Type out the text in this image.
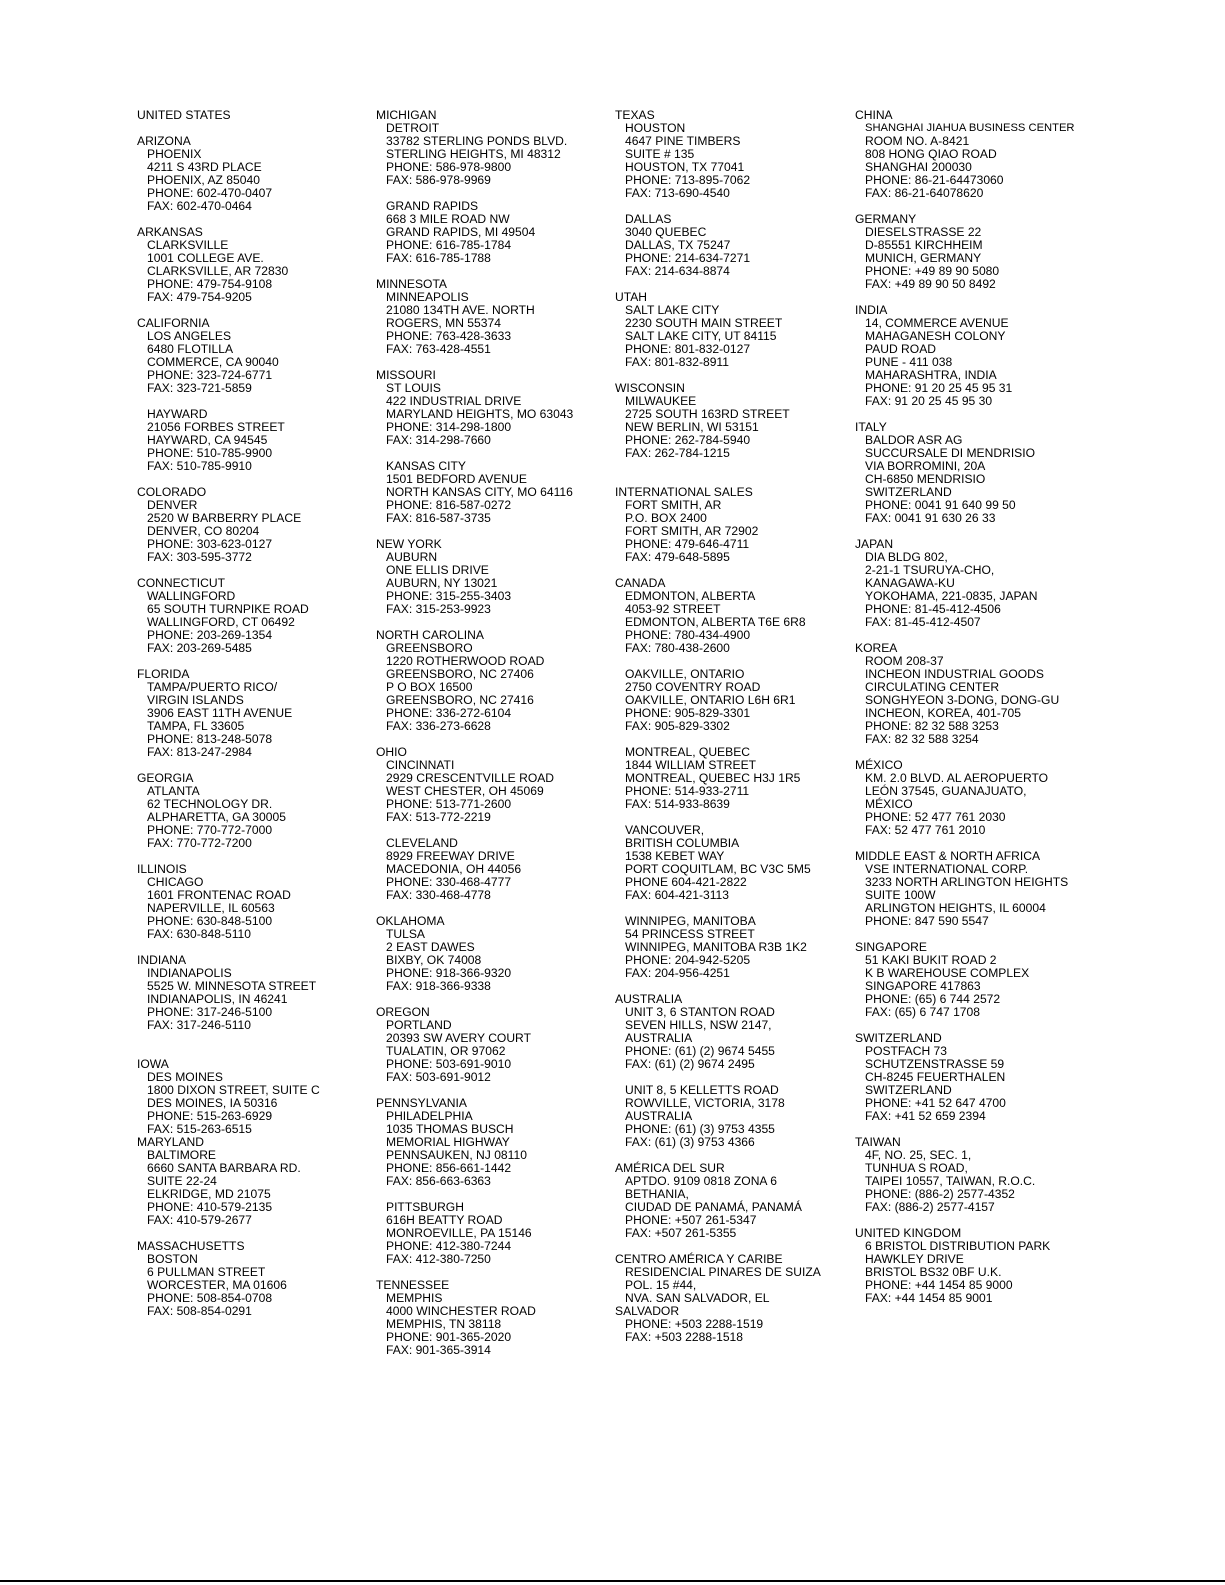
UNITED STATES
ARIZONA
PHOENIX
4211 S 43RD PLACE
PHOENIX, AZ 85040
PHONE: 602-470-0407
FAX: 602-470-0464
ARKANSAS
CLARKSVILLE
1001 COLLEGE AVE.
CLARKSVILLE, AR 72830
PHONE: 479-754-9108
FAX: 479-754-9205
CALIFORNIA
LOS ANGELES
6480 FLOTILLA
COMMERCE, CA 90040
PHONE: 323-724-6771
FAX: 323-721-5859
HAYWARD
21056 FORBES STREET
HAYWARD, CA 94545
PHONE: 510-785-9900
FAX: 510-785-9910
COLORADO
DENVER
2520 W BARBERRY PLACE
DENVER, CO 80204
PHONE: 303-623-0127
FAX: 303-595-3772
CONNECTICUT
WALLINGFORD
65 SOUTH TURNPIKE ROAD
WALLINGFORD, CT 06492
PHONE: 203-269-1354
FAX: 203-269-5485
FLORIDA
TAMPA/PUERTO RICO/
VIRGIN ISLANDS
3906 EAST 11TH AVENUE
TAMPA, FL 33605
PHONE: 813-248-5078
FAX: 813-247-2984
GEORGIA
ATLANTA
62 TECHNOLOGY DR.
ALPHARETTA, GA 30005
PHONE: 770-772-7000
FAX: 770-772-7200
ILLINOIS
CHICAGO
1601 FRONTENAC ROAD
NAPERVILLE, IL 60563
PHONE: 630-848-5100
FAX: 630-848-5110
INDIANA
INDIANAPOLIS
5525 W. MINNESOTA STREET
INDIANAPOLIS, IN 46241
PHONE: 317-246-5100
FAX: 317-246-5110
IOWA
DES MOINES
1800 DIXON STREET, SUITE C
DES MOINES, IA 50316
PHONE: 515-263-6929
FAX: 515-263-6515
MARYLAND
BALTIMORE
6660 SANTA BARBARA RD.
SUITE 22-24
ELKRIDGE, MD 21075
PHONE: 410-579-2135
FAX: 410-579-2677
MASSACHUSETTS
BOSTON
6 PULLMAN STREET
WORCESTER, MA 01606
PHONE: 508-854-0708
FAX: 508-854-0291
MICHIGAN
DETROIT
33782 STERLING PONDS BLVD.
STERLING HEIGHTS, MI 48312
PHONE: 586-978-9800
FAX: 586-978-9969
GRAND RAPIDS
668 3 MILE ROAD NW
GRAND RAPIDS, MI 49504
PHONE: 616-785-1784
FAX: 616-785-1788
MINNESOTA
MINNEAPOLIS
21080 134TH AVE. NORTH
ROGERS, MN 55374
PHONE: 763-428-3633
FAX: 763-428-4551
MISSOURI
ST LOUIS
422 INDUSTRIAL DRIVE
MARYLAND HEIGHTS, MO 63043
PHONE: 314-298-1800
FAX: 314-298-7660
KANSAS CITY
1501 BEDFORD AVENUE
NORTH KANSAS CITY, MO 64116
PHONE: 816-587-0272
FAX: 816-587-3735
NEW YORK
AUBURN
ONE ELLIS DRIVE
AUBURN, NY 13021
PHONE: 315-255-3403
FAX: 315-253-9923
NORTH CAROLINA
GREENSBORO
1220 ROTHERWOOD ROAD
GREENSBORO, NC 27406
P O BOX 16500
GREENSBORO, NC 27416
PHONE: 336-272-6104
FAX: 336-273-6628
OHIO
CINCINNATI
2929 CRESCENTVILLE ROAD
WEST CHESTER, OH 45069
PHONE: 513-771-2600
FAX: 513-772-2219
CLEVELAND
8929 FREEWAY DRIVE
MACEDONIA, OH 44056
PHONE: 330-468-4777
FAX: 330-468-4778
OKLAHOMA
TULSA
2 EAST DAWES
BIXBY, OK 74008
PHONE: 918-366-9320
FAX: 918-366-9338
OREGON
PORTLAND
20393 SW AVERY COURT
TUALATIN, OR 97062
PHONE: 503-691-9010
FAX: 503-691-9012
PENNSYLVANIA
PHILADELPHIA
1035 THOMAS BUSCH
MEMORIAL HIGHWAY
PENNSAUKEN, NJ 08110
PHONE: 856-661-1442
FAX: 856-663-6363
PITTSBURGH
616H BEATTY ROAD
MONROEVILLE, PA 15146
PHONE: 412-380-7244
FAX: 412-380-7250
TENNESSEE
MEMPHIS
4000 WINCHESTER ROAD
MEMPHIS, TN 38118
PHONE: 901-365-2020
FAX: 901-365-3914
TEXAS
HOUSTON
4647 PINE TIMBERS
SUITE # 135
HOUSTON, TX 77041
PHONE: 713-895-7062
FAX: 713-690-4540
DALLAS
3040 QUEBEC
DALLAS, TX 75247
PHONE: 214-634-7271
FAX: 214-634-8874
UTAH
SALT LAKE CITY
2230 SOUTH MAIN STREET
SALT LAKE CITY, UT 84115
PHONE: 801-832-0127
FAX: 801-832-8911
WISCONSIN
MILWAUKEE
2725 SOUTH 163RD STREET
NEW BERLIN, WI 53151
PHONE: 262-784-5940
FAX: 262-784-1215
INTERNATIONAL SALES
FORT SMITH, AR
P.O. BOX 2400
FORT SMITH, AR 72902
PHONE: 479-646-4711
FAX: 479-648-5895
CANADA
EDMONTON, ALBERTA
4053-92 STREET
EDMONTON, ALBERTA T6E 6R8
PHONE: 780-434-4900
FAX: 780-438-2600
OAKVILLE, ONTARIO
2750 COVENTRY ROAD
OAKVILLE, ONTARIO L6H 6R1
PHONE: 905-829-3301
FAX: 905-829-3302
MONTREAL, QUEBEC
1844 WILLIAM STREET
MONTREAL, QUEBEC H3J 1R5
PHONE: 514-933-2711
FAX: 514-933-8639
VANCOUVER,
BRITISH COLUMBIA
1538 KEBET WAY
PORT COQUITLAM, BC V3C 5M5
PHONE 604-421-2822
FAX: 604-421-3113
WINNIPEG, MANITOBA
54 PRINCESS STREET
WINNIPEG, MANITOBA R3B 1K2
PHONE: 204-942-5205
FAX: 204-956-4251
AUSTRALIA
UNIT 3, 6 STANTON ROAD
SEVEN HILLS, NSW 2147,
AUSTRALIA
PHONE: (61) (2) 9674 5455
FAX: (61) (2) 9674 2495
UNIT 8, 5 KELLETTS ROAD
ROWVILLE, VICTORIA, 3178
AUSTRALIA
PHONE: (61) (3) 9753 4355
FAX: (61) (3) 9753 4366
AMÉRICA DEL SUR
APTDO. 9109 0818 ZONA 6
BETHANIA,
CIUDAD DE PANAMÁ, PANAMÁ
PHONE: +507 261-5347
FAX: +507 261-5355
CENTRO AMÉRICA Y CARIBE
RESIDENCIAL PINARES DE SUIZA
POL. 15 #44,
NVA. SAN SALVADOR, EL
SALVADOR
PHONE: +503 2288-1519
FAX: +503 2288-1518
CHINA
SHANGHAI JIAHUA BUSINESS CENTER
ROOM NO. A-8421
808 HONG QIAO ROAD
SHANGHAI 200030
PHONE: 86-21-64473060
FAX: 86-21-64078620
GERMANY
DIESELSTRASSE 22
D-85551 KIRCHHEIM
MUNICH, GERMANY
PHONE: +49 89 90 5080
FAX: +49 89 90 50 8492
INDIA
14, COMMERCE AVENUE
MAHAGANESH COLONY
PAUD ROAD
PUNE - 411 038
MAHARASHTRA, INDIA
PHONE: 91 20 25 45 95 31
FAX: 91 20 25 45 95 30
ITALY
BALDOR ASR AG
SUCCURSALE DI MENDRISIO
VIA BORROMINI, 20A
CH-6850 MENDRISIO
SWITZERLAND
PHONE: 0041 91 640 99 50
FAX: 0041 91 630 26 33
JAPAN
DIA BLDG 802,
2-21-1 TSURUYA-CHO,
KANAGAWA-KU
YOKOHAMA, 221-0835, JAPAN
PHONE: 81-45-412-4506
FAX: 81-45-412-4507
KOREA
ROOM 208-37
INCHEON INDUSTRIAL GOODS
CIRCULATING CENTER
SONGHYEON 3-DONG, DONG-GU
INCHEON, KOREA, 401-705
PHONE: 82 32 588 3253
FAX: 82 32 588 3254
MÉXICO
KM. 2.0 BLVD. AL AEROPUERTO
LEÓN 37545, GUANAJUATO,
MÉXICO
PHONE: 52 477 761 2030
FAX: 52 477 761 2010
MIDDLE EAST & NORTH AFRICA
VSE INTERNATIONAL CORP.
3233 NORTH ARLINGTON HEIGHTS
SUITE 100W
ARLINGTON HEIGHTS, IL 60004
PHONE: 847 590 5547
SINGAPORE
51 KAKI BUKIT ROAD 2
K B WAREHOUSE COMPLEX
SINGAPORE 417863
PHONE: (65) 6 744 2572
FAX: (65) 6 747 1708
SWITZERLAND
POSTFACH 73
SCHUTZENSTRASSE 59
CH-8245 FEUERTHALEN
SWITZERLAND
PHONE: +41 52 647 4700
FAX: +41 52 659 2394
TAIWAN
4F, NO. 25, SEC. 1,
TUNHUA S ROAD,
TAIPEI 10557, TAIWAN, R.O.C.
PHONE: (886-2) 2577-4352
FAX: (886-2) 2577-4157
UNITED KINGDOM
6 BRISTOL DISTRIBUTION PARK
HAWKLEY DRIVE
BRISTOL BS32 0BF U.K.
PHONE: +44 1454 85 9000
FAX: +44 1454 85 9001
